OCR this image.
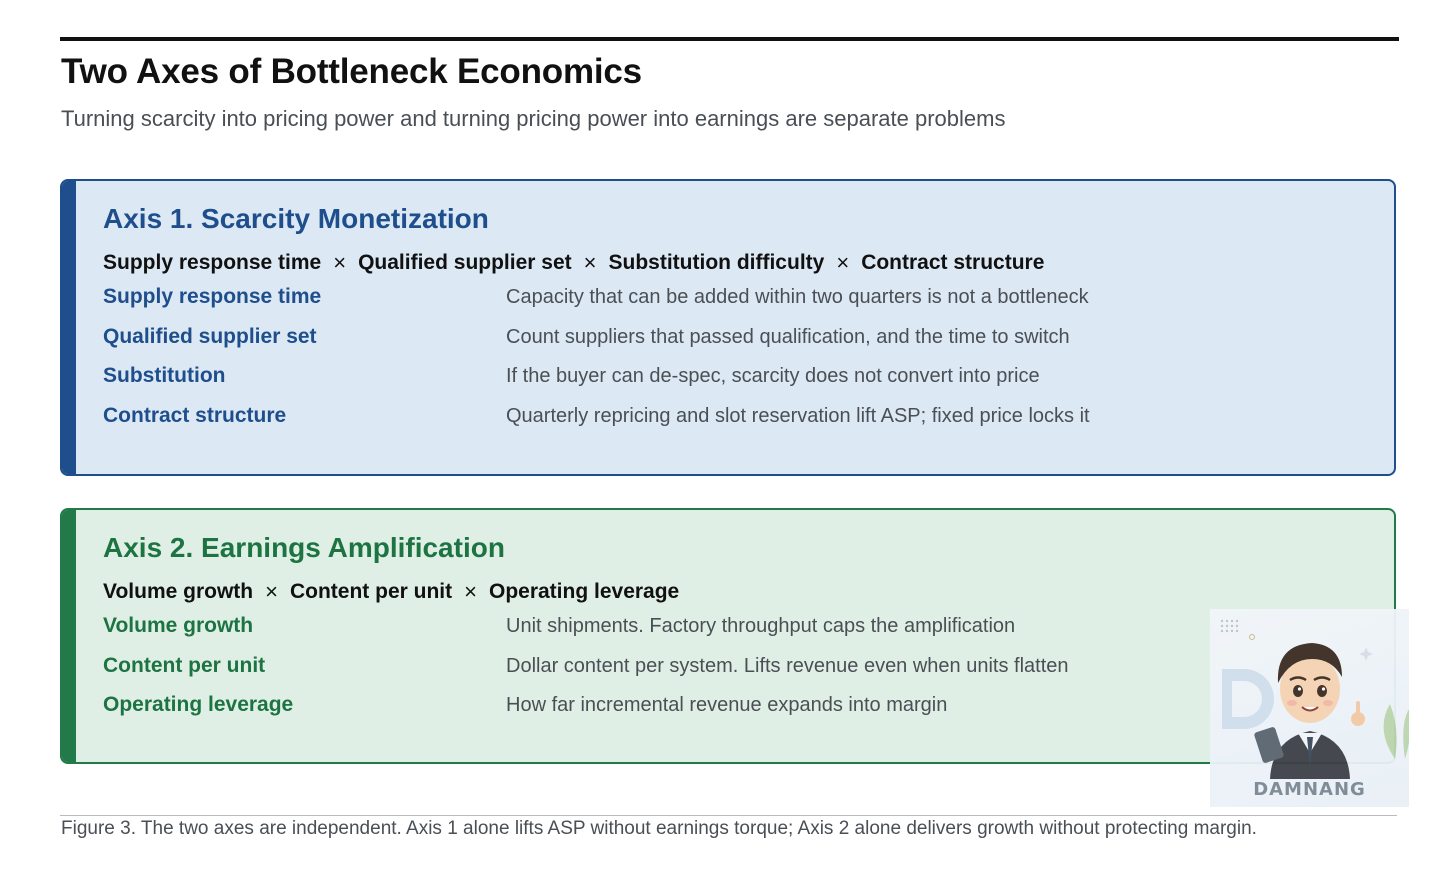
Two Axes of Bottleneck Economics
Turning scarcity into pricing power and turning pricing power into earnings are separate problems
Axis 1. Scarcity Monetization
Supply response time × Qualified supplier set × Substitution difficulty × Contract structure
Supply response time	Capacity that can be added within two quarters is not a bottleneck
Qualified supplier set	Count suppliers that passed qualification, and the time to switch
Substitution	If the buyer can de-spec, scarcity does not convert into price
Contract structure	Quarterly repricing and slot reservation lift ASP; fixed price locks it
Axis 2. Earnings Amplification
Volume growth × Content per unit × Operating leverage
Volume growth	Unit shipments. Factory throughput caps the amplification
Content per unit	Dollar content per system. Lifts revenue even when units flatten
Operating leverage	How far incremental revenue expands into margin
DAMNANG
Figure 3. The two axes are independent. Axis 1 alone lifts ASP without earnings torque; Axis 2 alone delivers growth without protecting margin.
